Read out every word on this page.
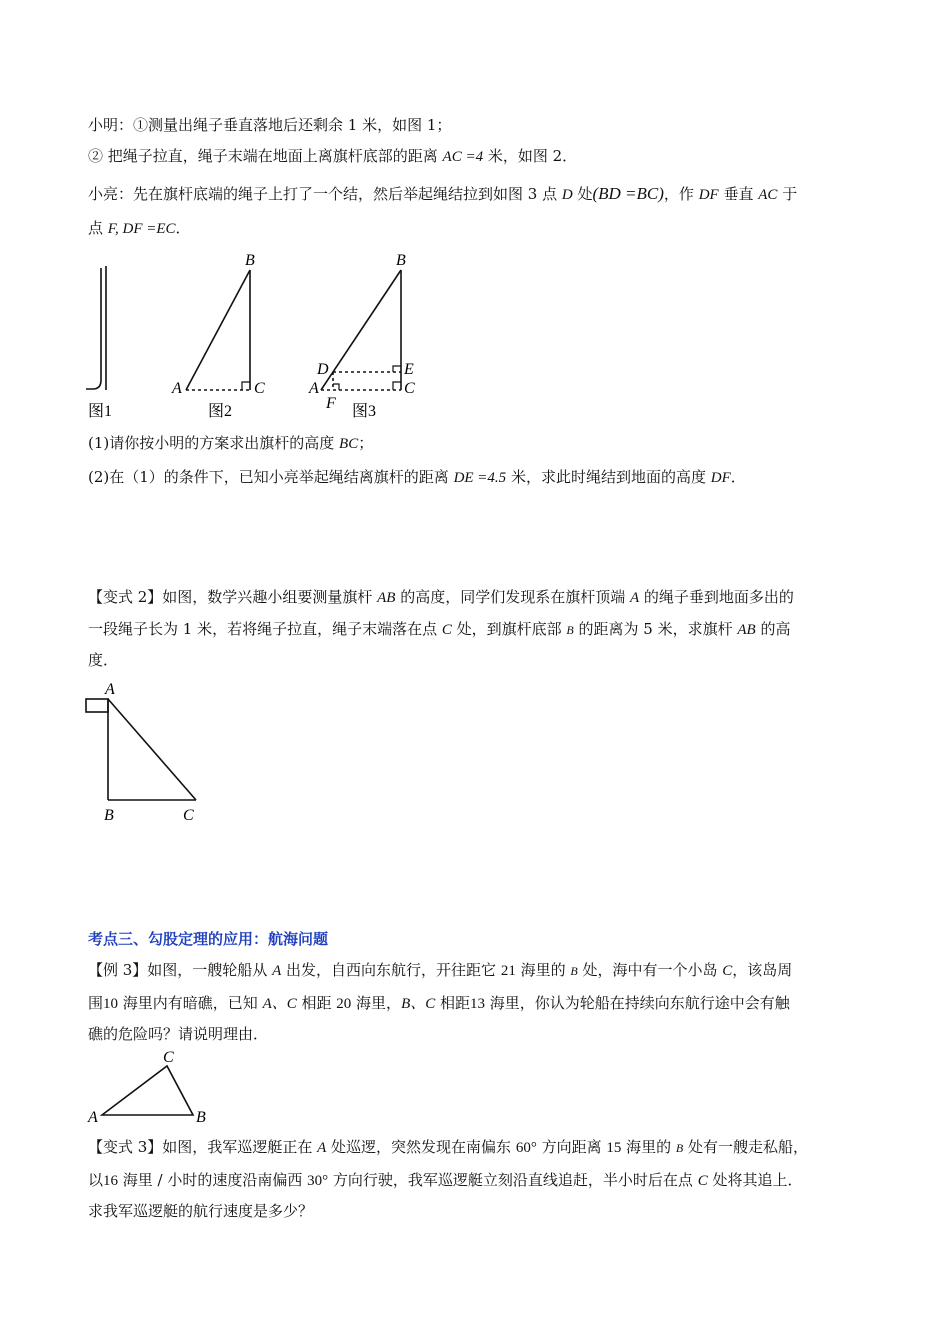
小明：①测量出绳子垂直落地后还剩余 1 米，如图 1；
② 把绳子拉直，绳子末端在地面上离旗杆底部的距离 AC =4 米，如图 2．
小亮：先在旗杆底端的绳子上打了一个结，然后举起绳结拉到如图 3 点 D 处(BD =BC)，作 DF 垂直 AC 于
点 F, DF =EC．
图1
B
A	C
图2
B
D	E
A	C
F 图3
(1)请你按小明的方案求出旗杆的高度 BC；
(2)在（1）的条件下，已知小亮举起绳结离旗杆的距离 DE =4.5 米，求此时绳结到地面的高度 DF．
【变式 2】如图，数学兴趣小组要测量旗杆 AB 的高度，同学们发现系在旗杆顶端 A 的绳子垂到地面多出的
一段绳子长为 1 米，若将绳子拉直，绳子末端落在点 C 处，到旗杆底部 B 的距离为 5 米，求旗杆 AB 的高
度．
A
B	C
考点三、勾股定理的应用：航海问题
【例 3】如图，一艘轮船从 A 出发，自西向东航行，开往距它 21 海里的 B 处，海中有一个小岛 C，该岛周
围10 海里内有暗礁，已知 A、C 相距 20 海里，B、C 相距13 海里，你认为轮船在持续向东航行途中会有触
礁的危险吗？请说明理由．
C
A	B
【变式 3】如图，我军巡逻艇正在 A 处巡逻，突然发现在南偏东 60° 方向距离 15 海里的 B 处有一艘走私船，
以16 海里 / 小时的速度沿南偏西 30° 方向行驶，我军巡逻艇立刻沿直线追赶，半小时后在点 C 处将其追上．
求我军巡逻艇的航行速度是多少？
